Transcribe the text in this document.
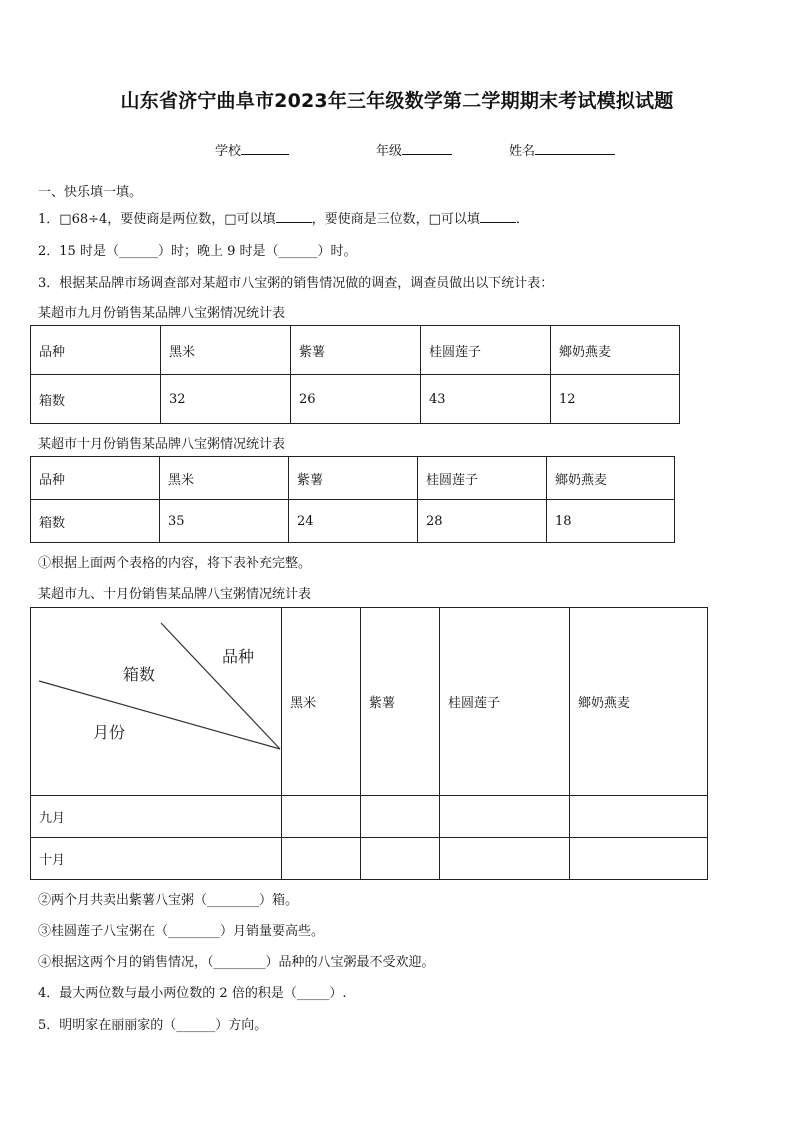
山东省济宁曲阜市2023年三年级数学第二学期期末考试模拟试题
学校	年级	姓名
一、快乐填一填。
1．□68÷4，要使商是两位数，□可以填	，要使商是三位数，□可以填	．
2．15 时是（______）时；晚上 9 时是（______）时。
3．根据某品牌市场调查部对某超市八宝粥的销售情况做的调查，调查员做出以下统计表：
某超市九月份销售某品牌八宝粥情况统计表
品种	黑米	紫薯	桂圆莲子	鄉奶燕麦
箱数	32	26	43	12
某超市十月份销售某品牌八宝粥情况统计表
品种	黑米	紫薯	桂圆莲子	鄉奶燕麦
箱数	35	24	28	18
①根据上面两个表格的内容，将下表补充完整。
某超市九、十月份销售某品牌八宝粥情况统计表
品种
箱数
月份	黑米	紫薯	桂圆莲子	鄉奶燕麦
九月				
十月				
②两个月共卖出紫薯八宝粥（________）箱。
③桂圆莲子八宝粥在（________）月销量要高些。
④根据这两个月的销售情况，（________）品种的八宝粥最不受欢迎。
4．最大两位数与最小两位数的 2 倍的积是（_____）.
5．明明家在丽丽家的（______）方向。
